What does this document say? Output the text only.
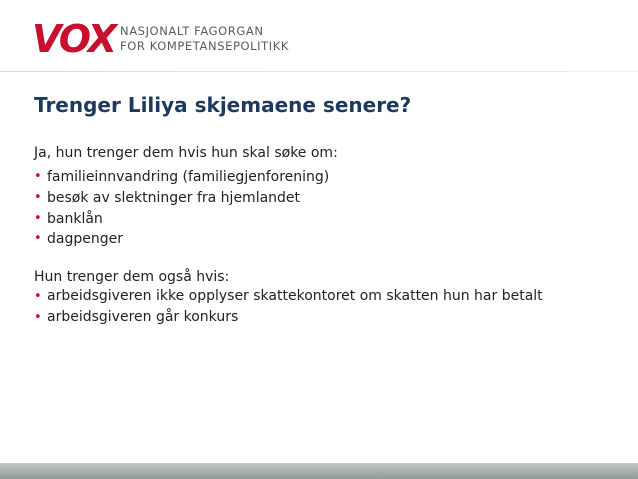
VOX NASJONALT FAGORGAN
FOR KOMPETANSEPOLITIKK
Trenger Liliya skjemaene senere?

Ja, hun trenger dem hvis hun skal søke om:

• familieinnvandring (familiegjenforening)
• besøk av slektninger fra hjemlandet
• banklån
• dagpenger

Hun trenger dem også hvis:

• arbeidsgiveren ikke opplyser skattekontoret om skatten hun har betalt
• arbeidsgiveren går konkurs
